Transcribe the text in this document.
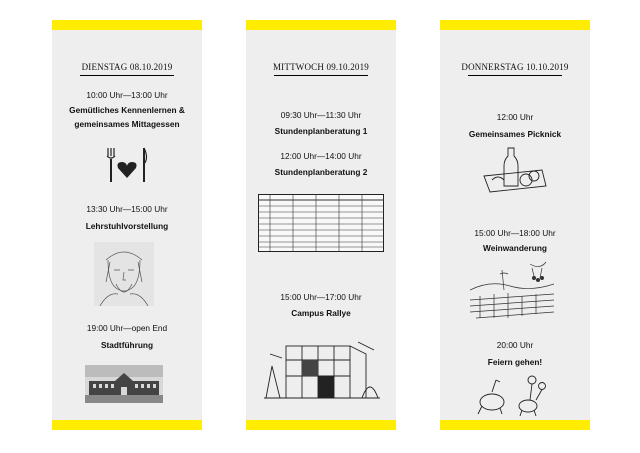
DIENSTAG 08.10.2019
10:00 Uhr—13:00 Uhr
Gemütliches Kennenlernen &
gemeinsames Mittagessen
13:30 Uhr—15:00 Uhr
Lehrstuhlvorstellung
19:00 Uhr—open End
Stadtführung
MITTWOCH 09.10.2019
09:30 Uhr—11:30 Uhr
Stundenplanberatung 1
12:00 Uhr—14:00 Uhr
Stundenplanberatung 2
15:00 Uhr—17:00 Uhr
Campus Rallye
DONNERSTAG 10.10.2019
12:00 Uhr
Gemeinsames Picknick
15:00 Uhr—18:00 Uhr
Weinwanderung
20:00 Uhr
Feiern gehen!
